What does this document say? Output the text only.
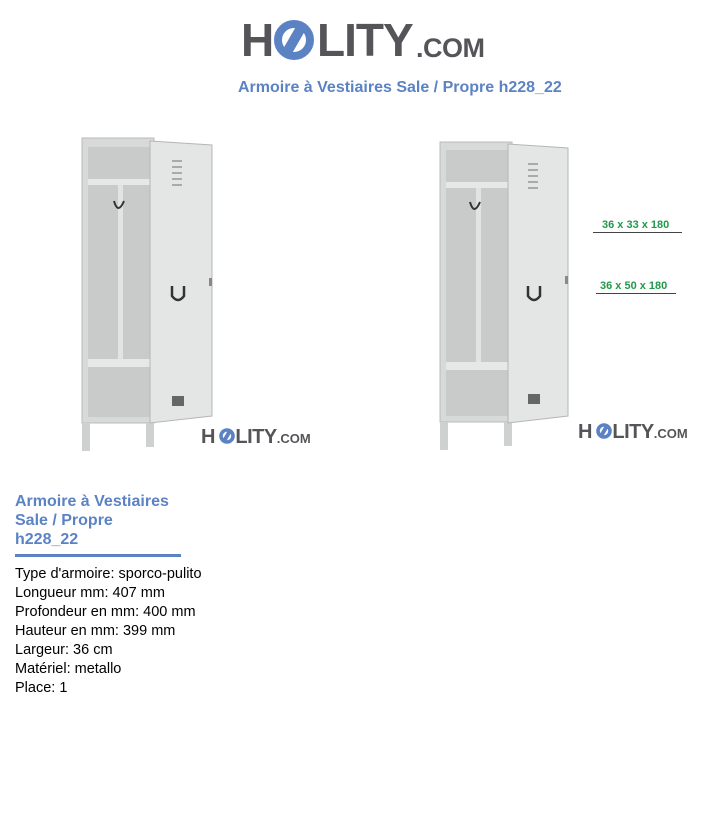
H LITY .COM
Armoire à Vestiaires Sale / Propre h228_22
H LITY.COM
36 x 33 x 180
36 x 50 x 180
H LITY.COM
Armoire à Vestiaires
Sale / Propre
h228_22
Type d'armoire: sporco-pulito
Longueur mm: 407 mm
Profondeur en mm: 400 mm
Hauteur en mm: 399 mm
Largeur: 36 cm
Matériel: metallo
Place: 1
